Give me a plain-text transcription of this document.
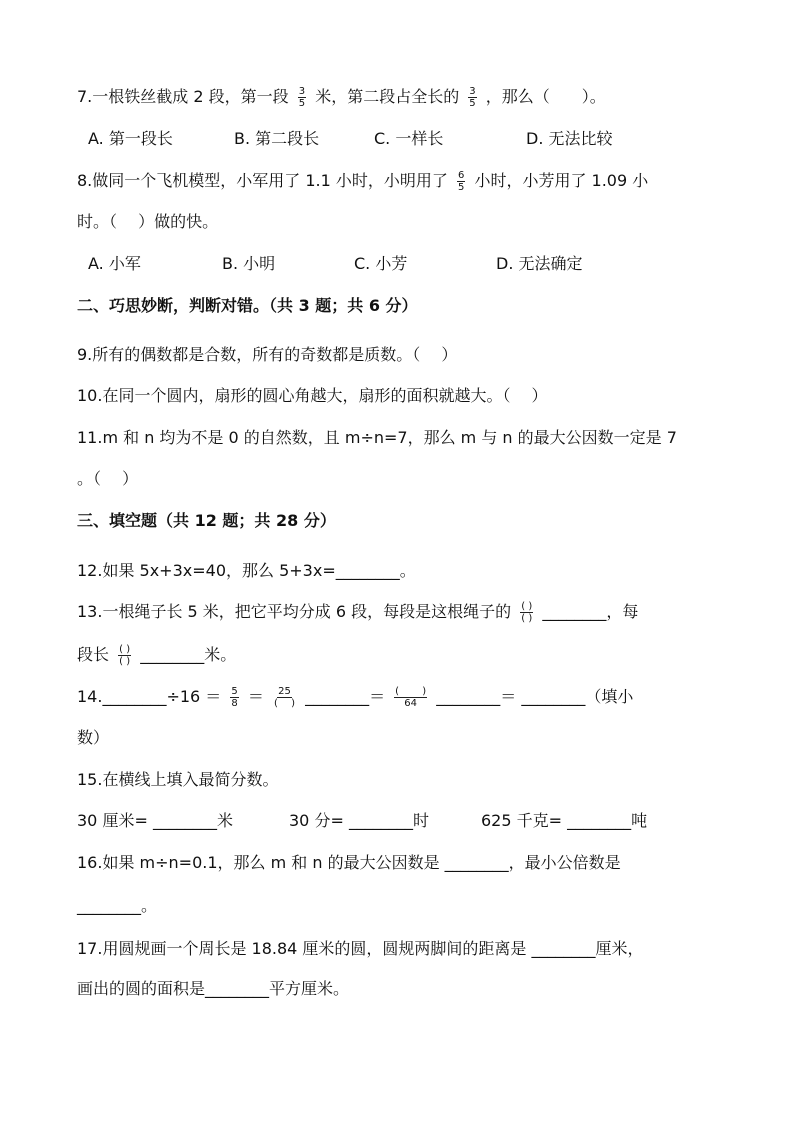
7.一根铁丝截成 2 段，第一段 $\frac{3}{5}$ 米，第二段占全长的 $\frac{3}{5}$ ，那么（　　）。
A. 第一段长	B. 第二段长	C. 一样长	D. 无法比较
8.做同一个飞机模型，小军用了 1.1 小时，小明用了 $\frac{6}{5}$ 小时，小芳用了 1.09 小
时。（　 ）做的快。
A. 小军	B. 小明	C. 小芳	D. 无法确定
二、巧思妙断，判断对错。（共 3 题；共 6 分）
9.所有的偶数都是合数，所有的奇数都是质数。（　 ）
10.在同一个圆内，扇形的圆心角越大，扇形的面积就越大。（　 ）
11.m 和 n 均为不是 0 的自然数，且 m÷n=7，那么 m 与 n 的最大公因数一定是 7
。（　 ）
三、填空题（共 12 题；共 28 分）
12.如果 5x+3x=40，那么 5+3x=________。
13.一根绳子长 5 米，把它平均分成 6 段，每段是这根绳子的 $\frac{( )}{( )}$ ________，每
段长 $\frac{( )}{( )}$ ________米。
14.________÷16 ＝ $\frac{5}{8} = \frac{25}{( )}$ ________＝ $\frac{( )}{64}$ ________＝ ________（填小
数）
15.在横线上填入最简分数。
30 厘米= ________米	30 分= ________时	625 千克= ________吨
16.如果 m÷n=0.1，那么 m 和 n 的最大公因数是 ________，最小公倍数是
________。
17.用圆规画一个周长是 18.84 厘米的圆，圆规两脚间的距离是 ________厘米，
画出的圆的面积是________平方厘米。
